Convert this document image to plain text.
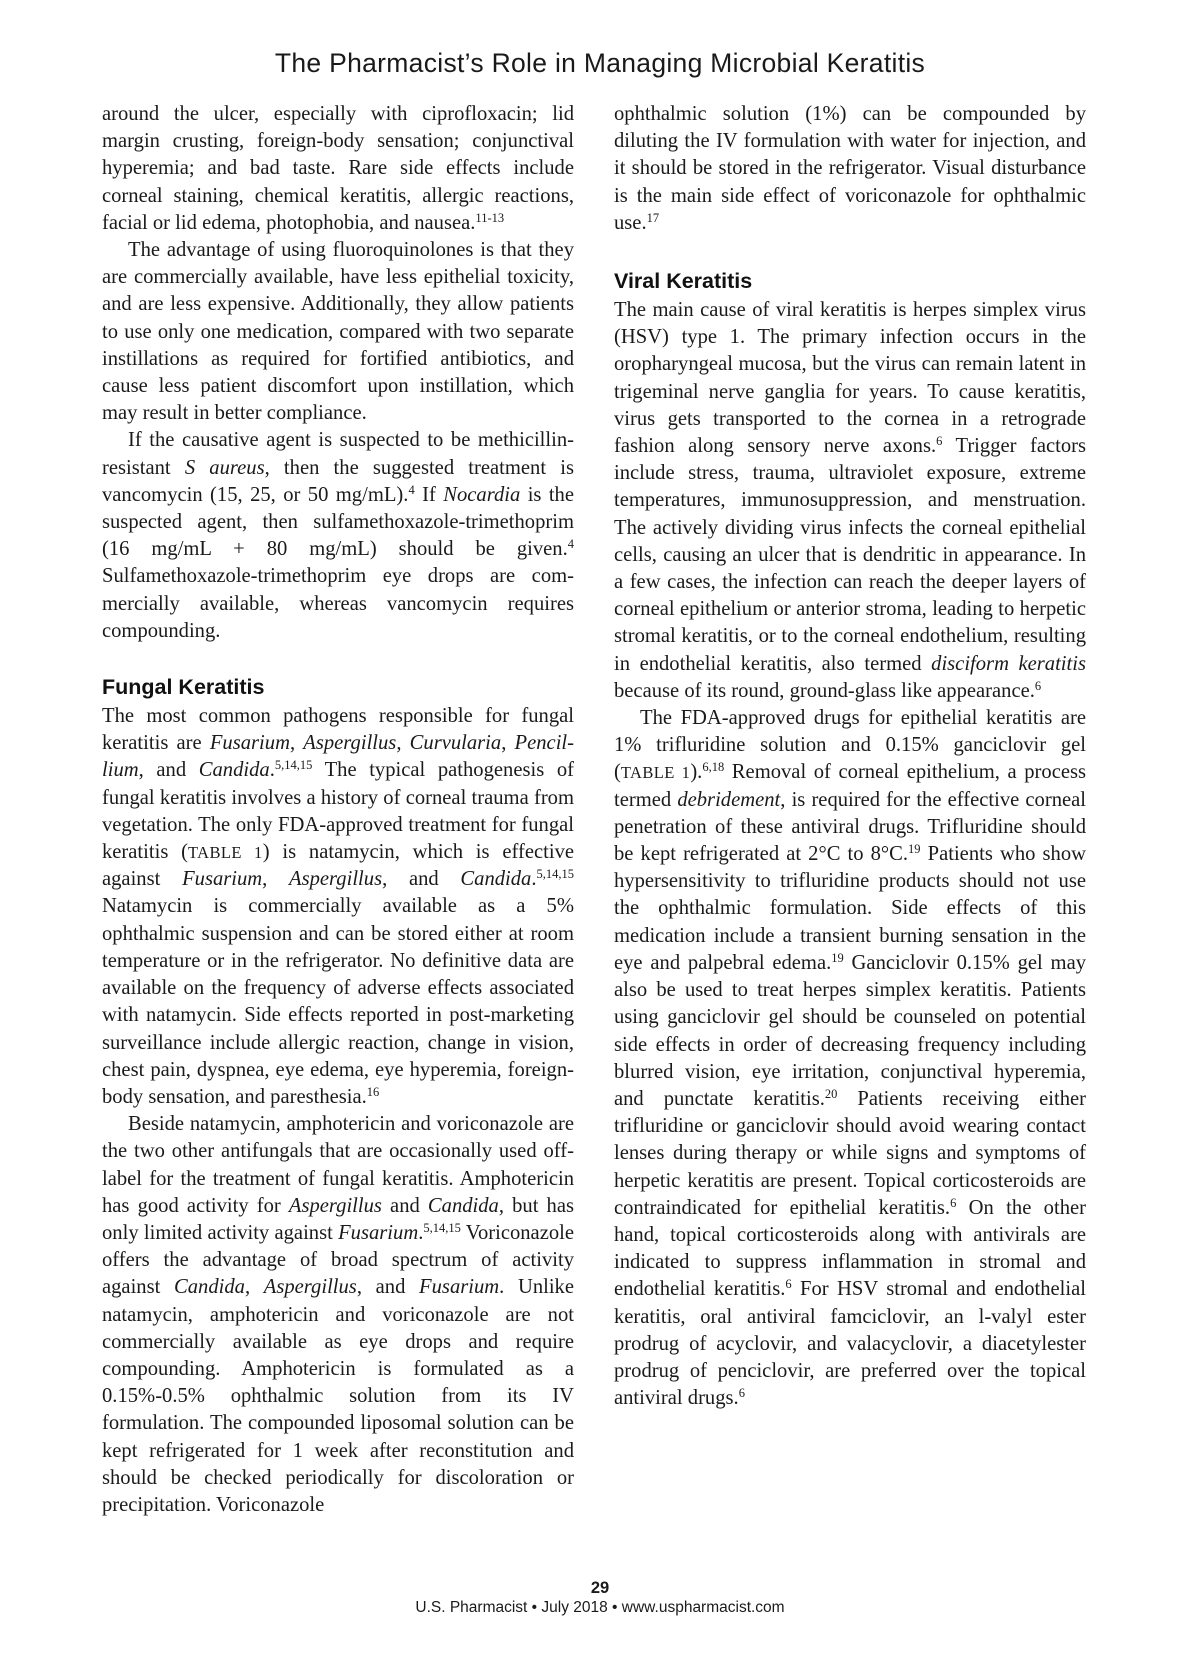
The Pharmacist’s Role in Managing Microbial Keratitis

around the ulcer, especially with ciprofloxacin; lid margin crusting, foreign-body sensation; conjunctival hyperemia; and bad taste. Rare side effects include corneal staining, chemical keratitis, allergic reactions, facial or lid edema, photophobia, and nausea.$^{11-13}$

The advantage of using fluoroquinolones is that they are commercially available, have less epithelial toxicity, and are less expensive. Additionally, they allow patients to use only one medication, compared with two separate instillations as required for fortified antibiotics, and cause less patient discomfort upon instillation, which may result in better compliance.

If the causative agent is suspected to be methicillin-resistant S aureus, then the suggested treatment is vancomycin (15, 25, or 50 mg/mL).$^4$ If Nocardia is the suspected agent, then sulfamethoxazole-trimethoprim (16 mg/mL + 80 mg/mL) should be given.$^4$ Sulfamethoxazole-trimethoprim eye drops are commercially available, whereas vancomycin requires compounding.

Fungal Keratitis

The most common pathogens responsible for fungal keratitis are Fusarium, Aspergillus, Curvularia, Pencillium, and Candida.$^{5,14,15}$ The typical pathogenesis of fungal keratitis involves a history of corneal trauma from vegetation. The only FDA-approved treatment for fungal keratitis (TABLE 1) is natamycin, which is effective against Fusarium, Aspergillus, and Candida.$^{5,14,15}$ Natamycin is commercially available as a 5% ophthalmic suspension and can be stored either at room temperature or in the refrigerator. No definitive data are available on the frequency of adverse effects associated with natamycin. Side effects reported in post-marketing surveillance include allergic reaction, change in vision, chest pain, dyspnea, eye edema, eye hyperemia, foreign-body sensation, and paresthesia.$^{16}$

Beside natamycin, amphotericin and voriconazole are the two other antifungals that are occasionally used off-label for the treatment of fungal keratitis. Amphotericin has good activity for Aspergillus and Candida, but has only limited activity against Fusarium.$^{5,14,15}$ Voriconazole offers the advantage of broad spectrum of activity against Candida, Aspergillus, and Fusarium. Unlike natamycin, amphotericin and voriconazole are not commercially available as eye drops and require compounding. Amphotericin is formulated as a 0.15%-0.5% ophthalmic solution from its IV formulation. The compounded liposomal solution can be kept refrigerated for 1 week after reconstitution and should be checked periodically for discoloration or precipitation. Voriconazole

ophthalmic solution (1%) can be compounded by diluting the IV formulation with water for injection, and it should be stored in the refrigerator. Visual disturbance is the main side effect of voriconazole for ophthalmic use.$^{17}$

Viral Keratitis

The main cause of viral keratitis is herpes simplex virus (HSV) type 1. The primary infection occurs in the oropharyngeal mucosa, but the virus can remain latent in trigeminal nerve ganglia for years. To cause keratitis, virus gets transported to the cornea in a retrograde fashion along sensory nerve axons.$^6$ Trigger factors include stress, trauma, ultraviolet exposure, extreme temperatures, immunosuppression, and menstruation. The actively dividing virus infects the corneal epithelial cells, causing an ulcer that is dendritic in appearance. In a few cases, the infection can reach the deeper layers of corneal epithelium or anterior stroma, leading to herpetic stromal keratitis, or to the corneal endothelium, resulting in endothelial keratitis, also termed disciform keratitis because of its round, ground-glass like appearance.$^6$

The FDA-approved drugs for epithelial keratitis are 1% trifluridine solution and 0.15% ganciclovir gel (TABLE 1).$^{6,18}$ Removal of corneal epithelium, a process termed debridement, is required for the effective corneal penetration of these antiviral drugs. Trifluridine should be kept refrigerated at 2°C to 8°C.$^{19}$ Patients who show hypersensitivity to trifluridine products should not use the ophthalmic formulation. Side effects of this medication include a transient burning sensation in the eye and palpebral edema.$^{19}$ Ganciclovir 0.15% gel may also be used to treat herpes simplex keratitis. Patients using ganciclovir gel should be counseled on potential side effects in order of decreasing frequency including blurred vision, eye irritation, conjunctival hyperemia, and punctate keratitis.$^{20}$ Patients receiving either trifluridine or ganciclovir should avoid wearing contact lenses during therapy or while signs and symptoms of herpetic keratitis are present. Topical corticosteroids are contraindicated for epithelial keratitis.$^6$ On the other hand, topical corticosteroids along with antivirals are indicated to suppress inflammation in stromal and endothelial keratitis.$^6$ For HSV stromal and endothelial keratitis, oral antiviral famciclovir, an l-valyl ester prodrug of acyclovir, and valacyclovir, a diacetylester prodrug of penciclovir, are preferred over the topical antiviral drugs.$^6$

29
U.S. Pharmacist • July 2018 • www.uspharmacist.com
